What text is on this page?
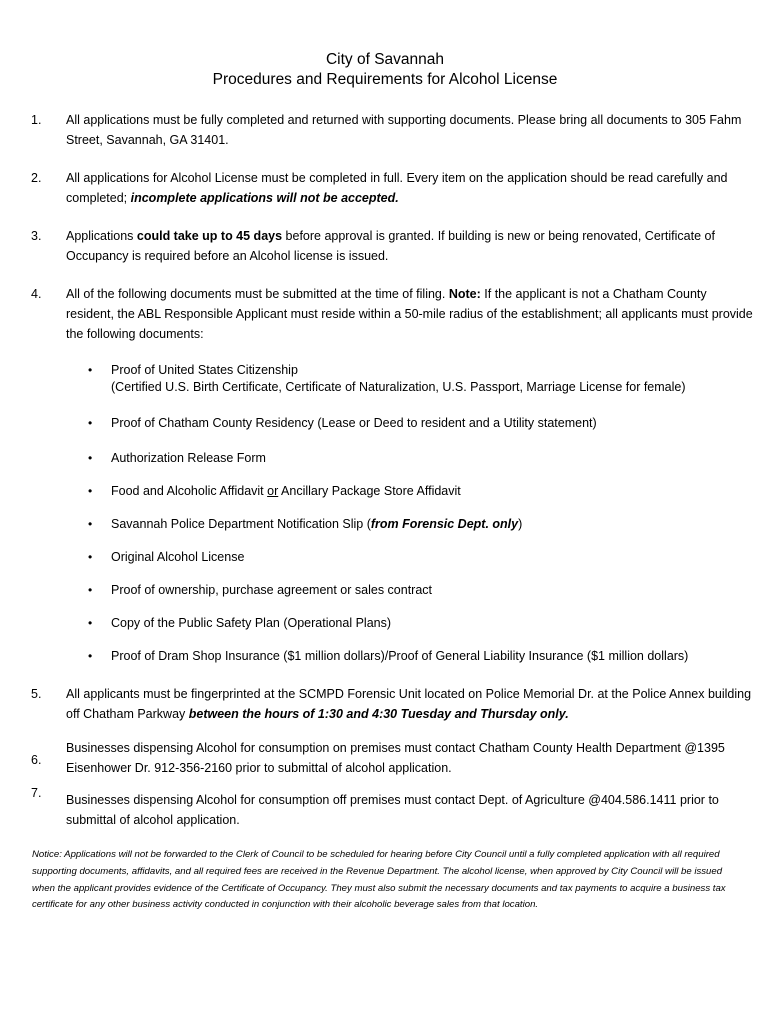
City of Savannah
Procedures and Requirements for Alcohol License
1. All applications must be fully completed and returned with supporting documents. Please bring all documents to 305 Fahm Street, Savannah, GA 31401.
2. All applications for Alcohol License must be completed in full. Every item on the application should be read carefully and completed; incomplete applications will not be accepted.
3. Applications could take up to 45 days before approval is granted. If building is new or being renovated, Certificate of Occupancy is required before an Alcohol license is issued.
4. All of the following documents must be submitted at the time of filing. Note: If the applicant is not a Chatham County resident, the ABL Responsible Applicant must reside within a 50-mile radius of the establishment; all applicants must provide the following documents:
• Proof of United States Citizenship
(Certified U.S. Birth Certificate, Certificate of Naturalization, U.S. Passport, Marriage License for female)
• Proof of Chatham County Residency (Lease or Deed to resident and a Utility statement)
• Authorization Release Form
• Food and Alcoholic Affidavit or Ancillary Package Store Affidavit
• Savannah Police Department Notification Slip (from Forensic Dept. only)
• Original Alcohol License
• Proof of ownership, purchase agreement or sales contract
• Copy of the Public Safety Plan (Operational Plans)
• Proof of Dram Shop Insurance ($1 million dollars)/Proof of General Liability Insurance ($1 million dollars)
5. All applicants must be fingerprinted at the SCMPD Forensic Unit located on Police Memorial Dr. at the Police Annex building off Chatham Parkway between the hours of 1:30 and 4:30 Tuesday and Thursday only.
6.
Businesses dispensing Alcohol for consumption on premises must contact Chatham County Health Department @1395 Eisenhower Dr. 912-356-2160 prior to submittal of alcohol application.
7. Businesses dispensing Alcohol for consumption off premises must contact Dept. of Agriculture @404.586.1411 prior to submittal of alcohol application.
Notice: Applications will not be forwarded to the Clerk of Council to be scheduled for hearing before City Council until a fully completed application with all required supporting documents, affidavits, and all required fees are received in the Revenue Department. The alcohol license, when approved by City Council will be issued when the applicant provides evidence of the Certificate of Occupancy. They must also submit the necessary documents and tax payments to acquire a business tax certificate for any other business activity conducted in conjunction with their alcoholic beverage sales from that location.
